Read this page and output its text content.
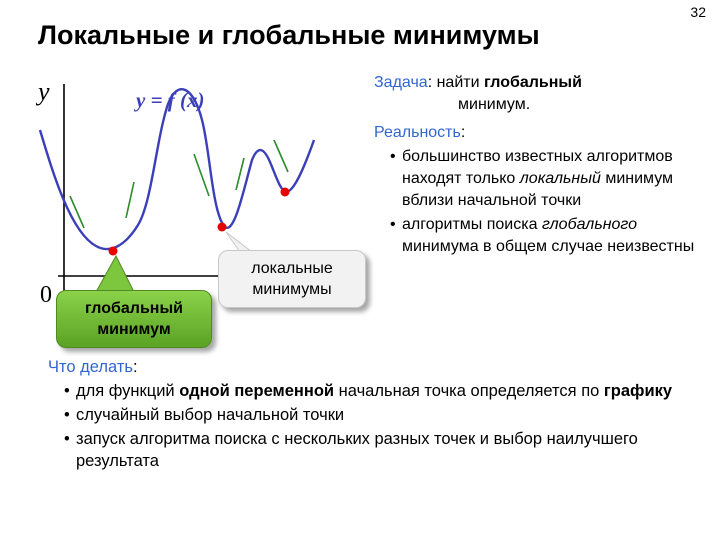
32
Локальные и глобальные минимумы
y
0
y = f (x)
локальные
минимумы
глобальный
минимум
Задача: найти глобальный
минимум.
Реальность:
• большинство известных алгоритмов находят только локальный минимум вблизи начальной точки
• алгоритмы поиска глобального минимума в общем случае неизвестны
Что делать:
• для функций одной переменной начальная точка определяется по графику
• случайный выбор начальной точки
• запуск алгоритма поиска с нескольких разных точек и выбор наилучшего результата
